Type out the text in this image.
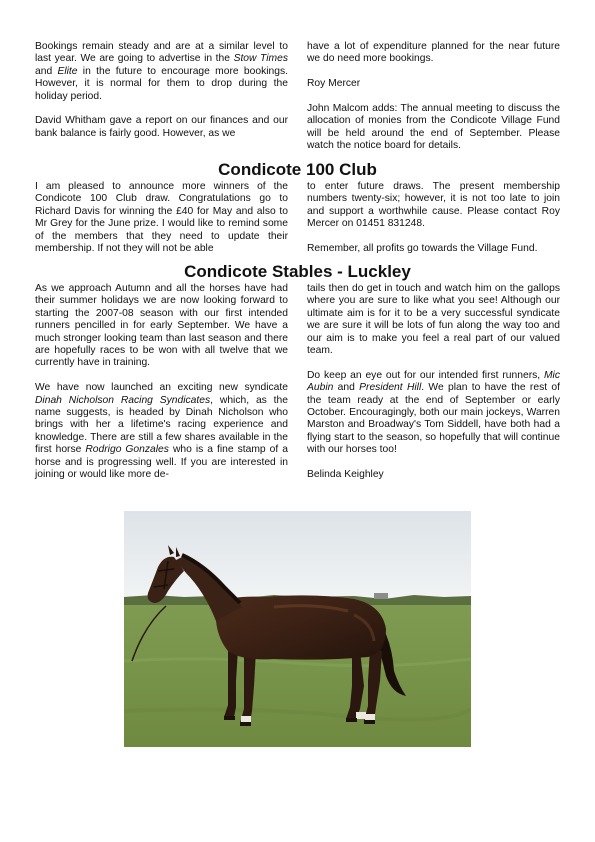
Bookings remain steady and are at a similar level to last year. We are going to advertise in the Stow Times and Elite in the future to encourage more bookings. However, it is normal for them to drop during the holiday period.

David Whitham gave a report on our finances and our bank balance is fairly good. However, as we

have a lot of expenditure planned for the near future we do need more bookings.

Roy Mercer

John Malcom adds: The annual meeting to discuss the allocation of monies from the Condicote Village Fund will be held around the end of September. Please watch the notice board for details.

Condicote 100 Club

I am pleased to announce more winners of the Condicote 100 Club draw. Congratulations go to Richard Davis for winning the £40 for May and also to Mr Grey for the June prize. I would like to remind some of the members that they need to update their membership. If not they will not be able

to enter future draws. The present membership numbers twenty-six; however, it is not too late to join and support a worthwhile cause. Please contact Roy Mercer on 01451 831248.

Remember, all profits go towards the Village Fund.

Condicote Stables - Luckley

As we approach Autumn and all the horses have had their summer holidays we are now looking forward to starting the 2007-08 season with our first intended runners pencilled in for early September. We have a much stronger looking team than last season and there are hopefully races to be won with all twelve that we currently have in training.

We have now launched an exciting new syndicate Dinah Nicholson Racing Syndicates, which, as the name suggests, is headed by Dinah Nicholson who brings with her a lifetime's racing experience and knowledge. There are still a few shares available in the first horse Rodrigo Gonzales who is a fine stamp of a horse and is progressing well. If you are interested in joining or would like more de-

tails then do get in touch and watch him on the gallops where you are sure to like what you see! Although our ultimate aim is for it to be a very successful syndicate we are sure it will be lots of fun along the way too and our aim is to make you feel a real part of our valued team.

Do keep an eye out for our intended first runners, Mic Aubin and President Hill. We plan to have the rest of the team ready at the end of September or early October. Encouragingly, both our main jockeys, Warren Marston and Broadway's Tom Siddell, have both had a flying start to the season, so hopefully that will continue with our horses too!

Belinda Keighley
